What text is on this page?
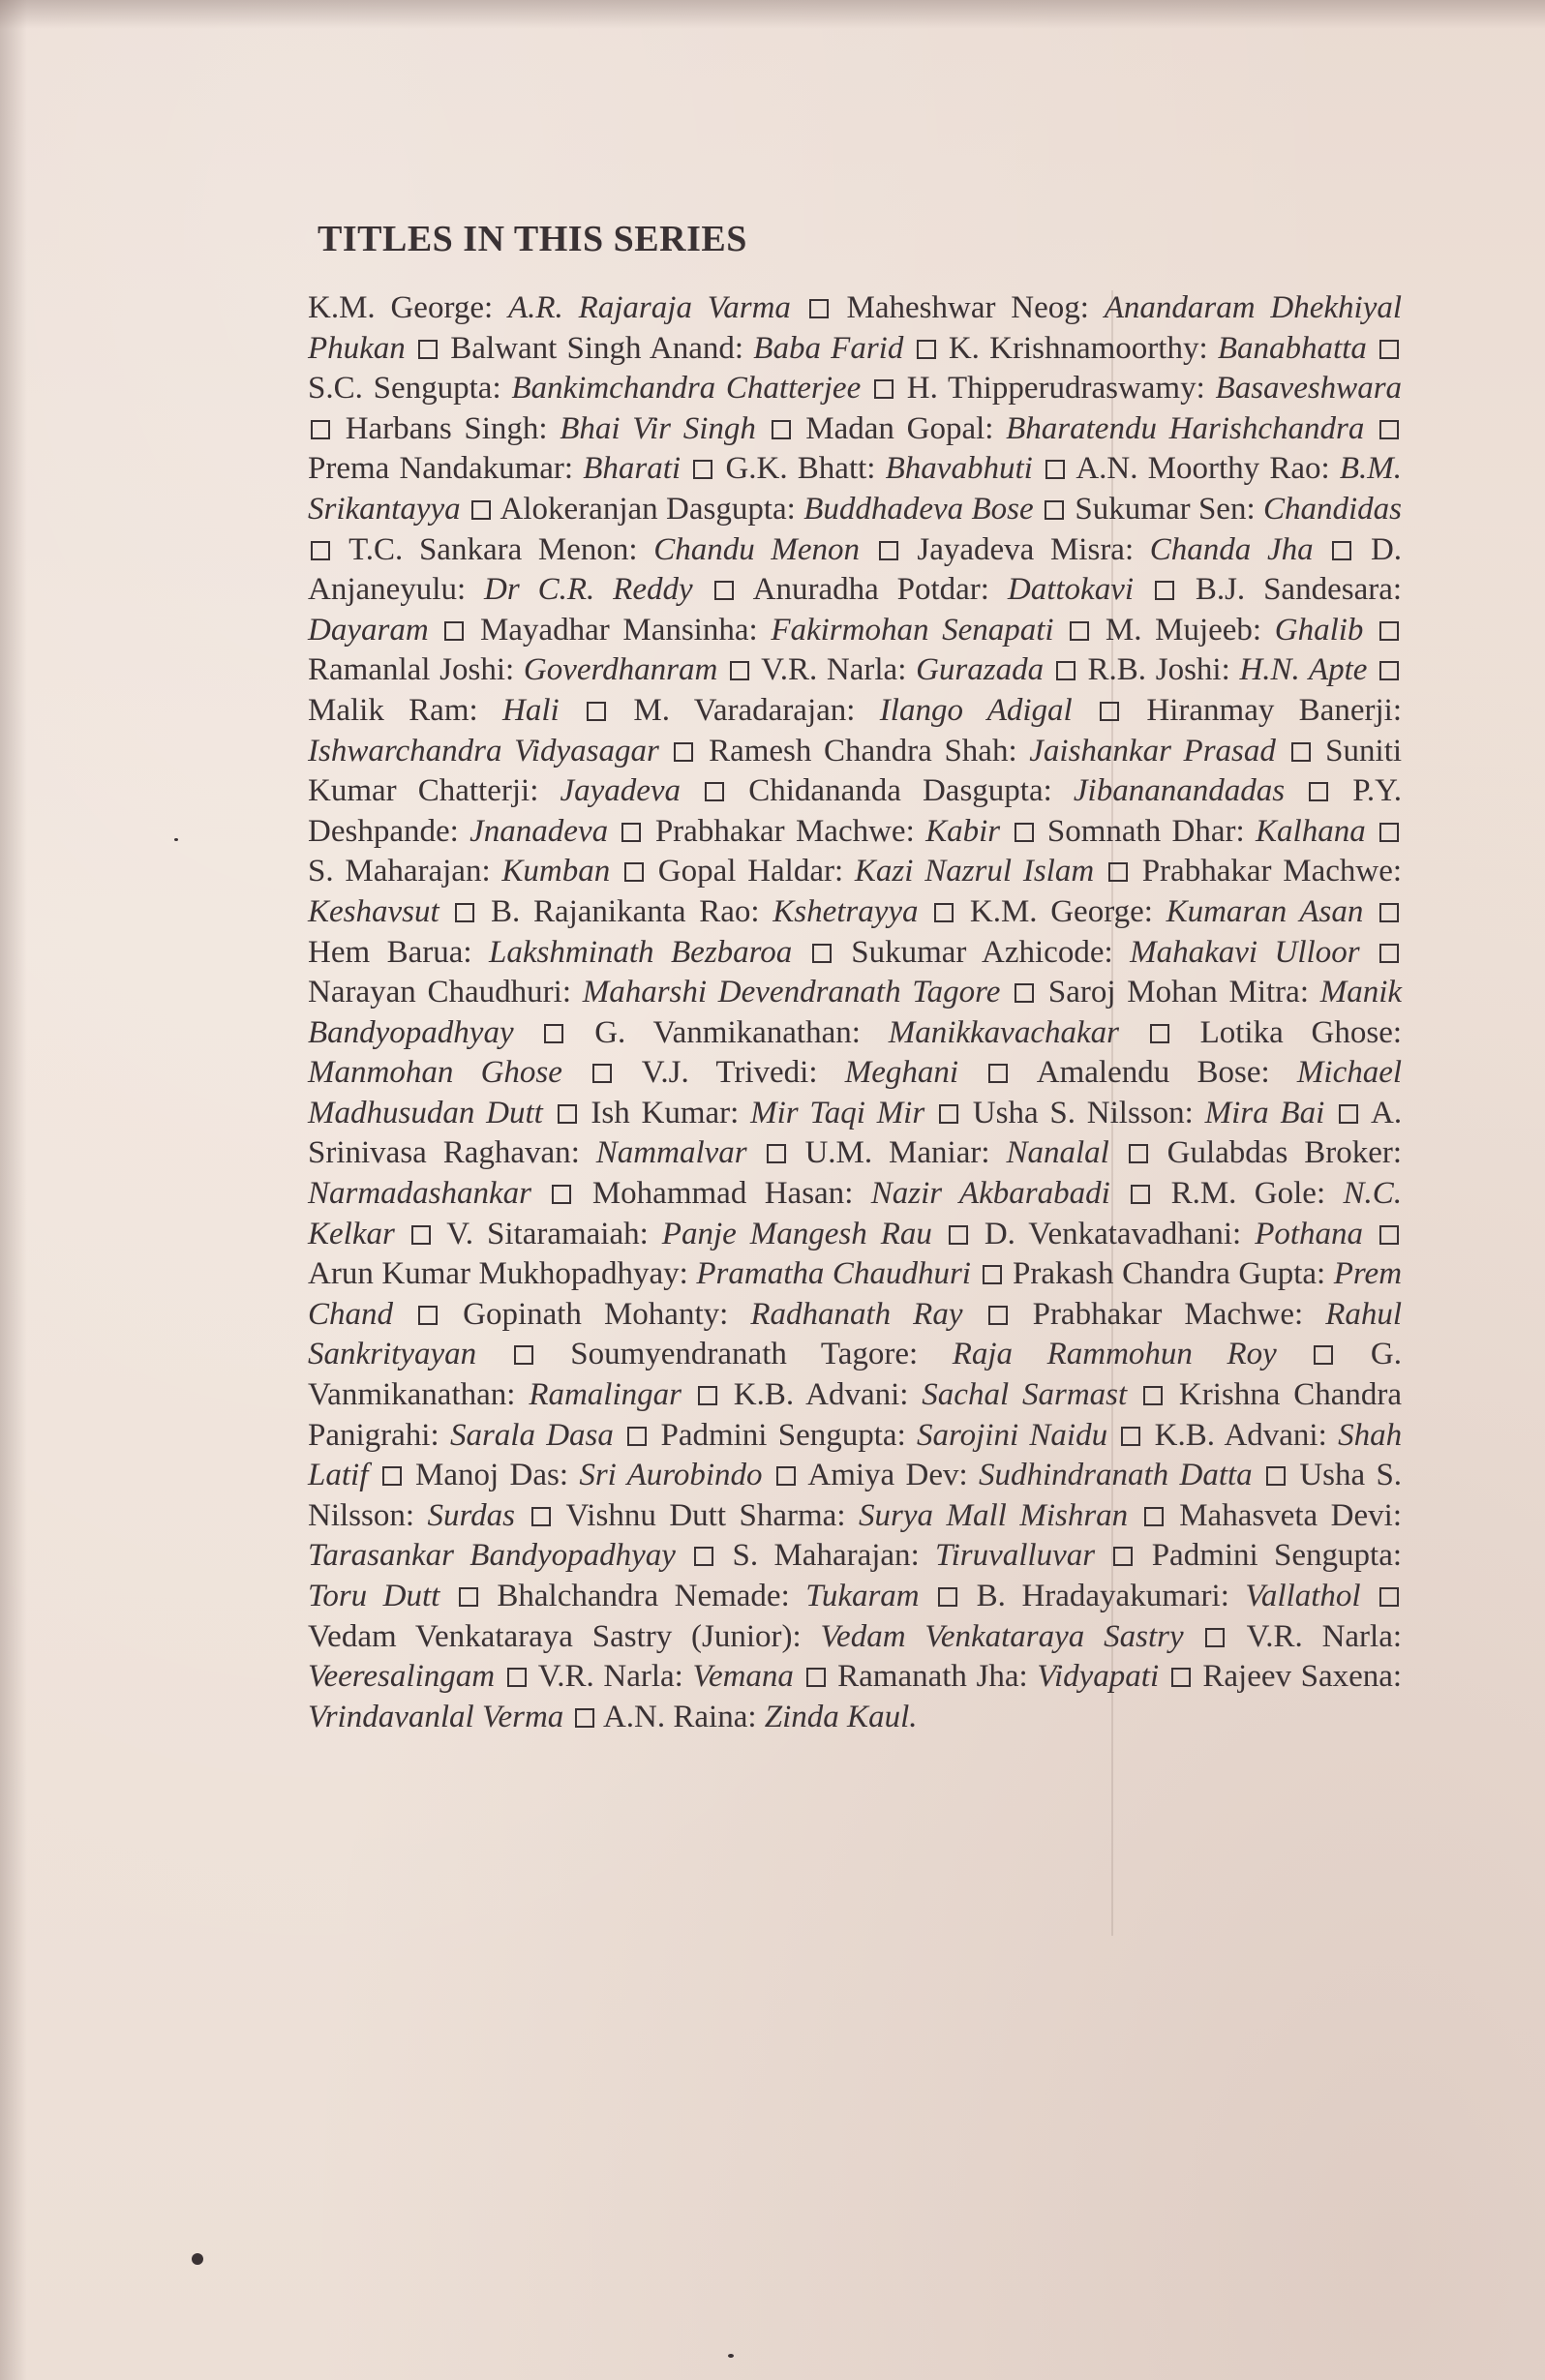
TITLES IN THIS SERIES
K.M. George: A.R. Rajaraja Varma Maheshwar Neog: Anandaram Dhekhiyal Phukan Balwant Singh Anand: Baba Farid K. Krishnamoorthy: Banabhatta  S.C. Sengupta: Bankimchandra Chatterjee H. Thipperudraswamy: Basaveshwara  Harbans Singh: Bhai Vir Singh Madan Gopal: Bharatendu Harishchandra  Prema Nandakumar: Bharati G.K. Bhatt: Bhavabhuti A.N. Moorthy Rao: B.M. Srikantayya Alokeranjan Dasgupta: Buddhadeva Bose Sukumar Sen: Chandidas  T.C. Sankara Menon: Chandu Menon Jayadeva Misra: Chanda Jha D. Anjaneyulu: Dr C.R. Reddy Anuradha Potdar: Dattokavi B.J. Sandesara: Dayaram Mayadhar Mansinha: Fakirmohan Senapati M. Mujeeb: Ghalib  Ramanlal Joshi: Goverdhanram V.R. Narla: Gurazada R.B. Joshi: H.N. Apte  Malik Ram: Hali M. Varadarajan: Ilango Adigal Hiranmay Banerji: Ishwarchandra Vidyasagar Ramesh Chandra Shah: Jaishankar Prasad Suniti Kumar Chatterji: Jayadeva Chidananda Dasgupta: Jibananandadas P.Y. Deshpande: Jnanadeva Prabhakar Machwe: Kabir Somnath Dhar: Kalhana  S. Maharajan: Kumban Gopal Haldar: Kazi Nazrul Islam Prabhakar Machwe: Keshavsut B. Rajanikanta Rao: Kshetrayya K.M. George: Kumaran Asan  Hem Barua: Lakshminath Bezbaroa Sukumar Azhicode: Mahakavi Ulloor  Narayan Chaudhuri: Maharshi Devendranath Tagore Saroj Mohan Mitra: Manik Bandyopadhyay	G. Vanmikanathan: Manikkavachakar	Lotika Ghose: Manmohan Ghose V.J. Trivedi: Meghani Amalendu Bose: Michael Madhusudan Dutt Ish Kumar: Mir Taqi Mir Usha S. Nilsson: Mira Bai A. Srinivasa Raghavan: Nammalvar U.M. Maniar: Nanalal Gulabdas Broker: Narmadashankar Mohammad Hasan: Nazir Akbarabadi R.M. Gole: N.C. Kelkar V. Sitaramaiah: Panje Mangesh Rau D. Venkatavadhani: Pothana  Arun Kumar Mukhopadhyay: Pramatha Chaudhuri Prakash Chandra Gupta: Prem Chand Gopinath Mohanty: Radhanath Ray Prabhakar Machwe: Rahul Sankrityayan	Soumyendranath Tagore: Raja Rammohun Roy	G. Vanmikanathan: Ramalingar K.B. Advani: Sachal Sarmast Krishna Chandra Panigrahi: Sarala Dasa Padmini Sengupta: Sarojini Naidu K.B. Advani: Shah Latif Manoj Das: Sri Aurobindo Amiya Dev: Sudhindranath Datta Usha S. Nilsson: Surdas Vishnu Dutt Sharma: Surya Mall Mishran Mahasveta Devi: Tarasankar Bandyopadhyay S. Maharajan: Tiruvalluvar Padmini Sengupta: Toru Dutt Bhalchandra Nemade: Tukaram B. Hradayakumari: Vallathol  Vedam Venkataraya Sastry (Junior): Vedam Venkataraya Sastry V.R. Narla: Veeresalingam V.R. Narla: Vemana Ramanath Jha: Vidyapati Rajeev Saxena: Vrindavanlal Verma A.N. Raina: Zinda Kaul.
